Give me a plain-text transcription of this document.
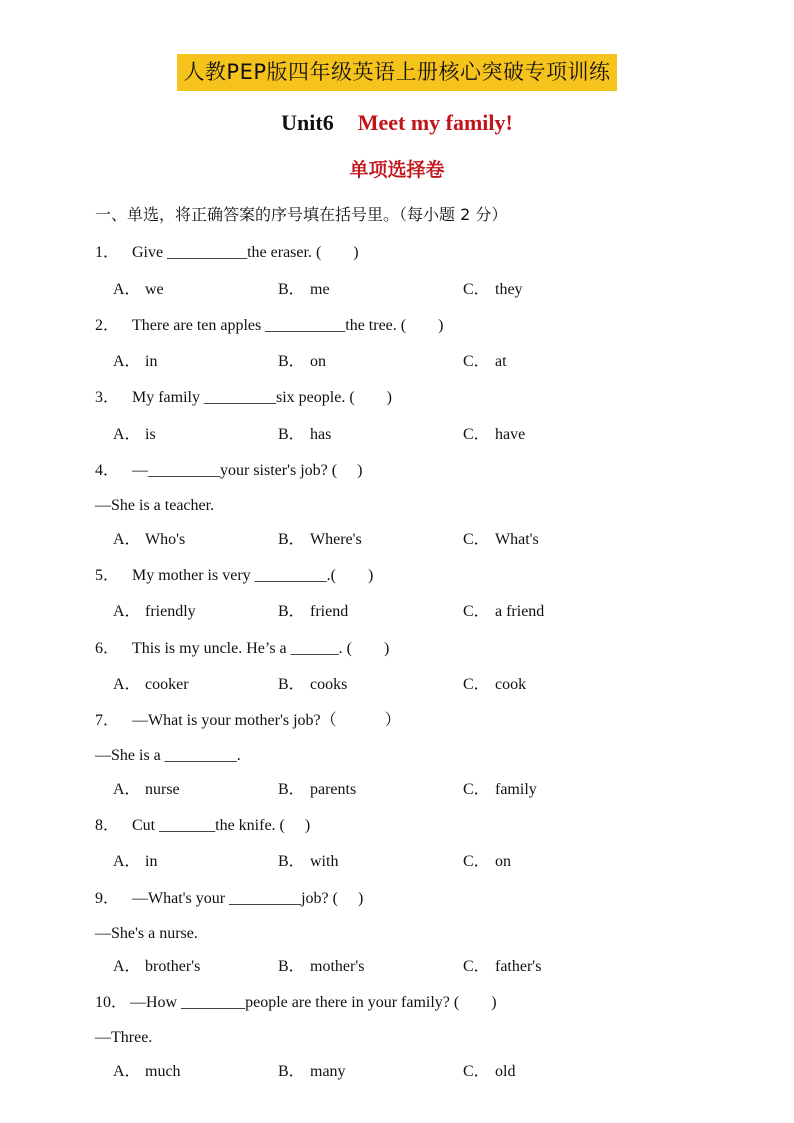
人教PEP版四年级英语上册核心突破专项训练
Unit6 Meet my family!
单项选择卷
一、单选，将正确答案的序号填在括号里。（每小题 2 分）
1． Give __________the eraser. (　　)
A． we	B． me	C． they
2． There are ten apples __________the tree. (　　)
A． in	B． on	C． at
3． My family _________six people. (　　)
A． is	B． has	C． have
4． —_________your sister's job? (　 )
—She is a teacher.
A． Who's	B． Where's	C． What's
5． My mother is very _________.(　　)
A． friendly	B． friend	C． a friend
6． This is my uncle. He’s a ______. (　　)
A． cooker	B． cooks	C． cook
7． —What is your mother's job?（　　　）
—She is a _________.
A． nurse	B． parents	C． family
8． Cut _______the knife. (　 )
A． in	B． with	C． on
9． —What's your _________job? (　 )
—She's a nurse.
A． brother's	B． mother's	C． father's
10． —How ________people are there in your family? (　　)
—Three.
A． much	B． many	C． old
